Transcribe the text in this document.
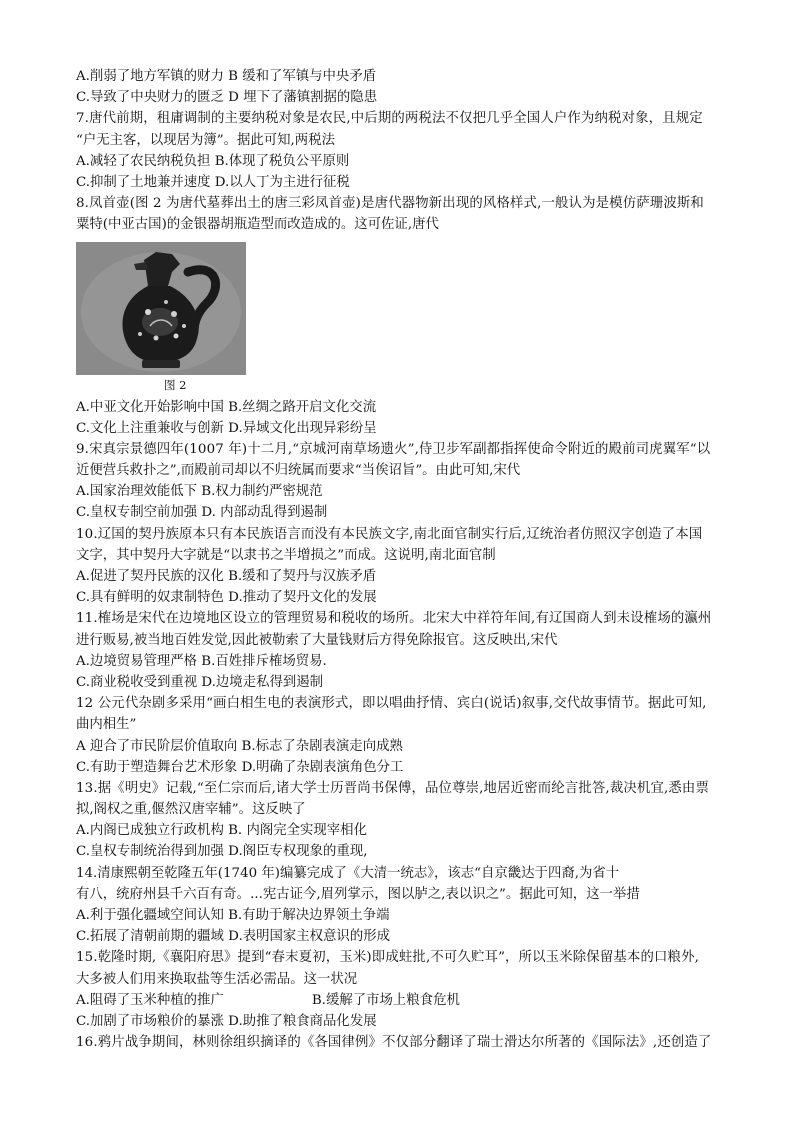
A.削弱了地方军镇的财力 B 缓和了军镇与中央矛盾
C.导致了中央财力的匮乏 D 埋下了藩镇割据的隐患
7.唐代前期，租庸调制的主要纳税对象是农民,中后期的两税法不仅把几乎全国人户作为纳税对象，且规定
“户无主客，以现居为簿”。据此可知,两税法
A.减轻了农民纳税负担 B.体现了税负公平原则
C.抑制了土地兼并速度 D.以人丁为主进行征税
8.凤首壶(图 2 为唐代墓葬出土的唐三彩凤首壶)是唐代器物新出现的风格样式,一般认为是模仿萨珊波斯和
粟特(中亚古国)的金银器胡瓶造型而改造成的。这可佐证,唐代
图 2
A.中亚文化开始影响中国 B.丝绸之路开启文化交流
C.文化上注重兼收与创新 D.异域文化出现异彩纷呈
9.宋真宗景德四年(1007 年)十二月,“京城河南草场遗火”,侍卫步军副都指挥使命令附近的殿前司虎翼军“以
近便营兵救扑之”,而殿前司却以不归统属而要求“当俟诏旨”。由此可知,宋代
A.国家治理效能低下 B.权力制约严密规范
C.皇权专制空前加强 D. 内部动乱得到遏制
10.辽国的契丹族原本只有本民族语言而没有本民族文字,南北面官制实行后,辽统治者仿照汉字创造了本国
文字，其中契丹大字就是“以隶书之半增损之”而成。这说明,南北面官制
A.促进了契丹民族的汉化 B.缓和了契丹与汉族矛盾
C.具有鲜明的奴隶制特色 D.推动了契丹文化的发展
11.榷场是宋代在边境地区设立的管理贸易和税收的场所。北宋大中祥符年间,有辽国商人到未设榷场的瀛州
进行贩易,被当地百姓发觉,因此被勒索了大量钱财后方得免除报官。这反映出,宋代
A.边境贸易管理严格 B.百姓排斥榷场贸易.
C.商业税收受到重视 D.边境走私得到遏制
12 公元代杂剧多采用“画白相生电的表演形式，即以唱曲抒情、宾白(说话)叙事,交代故事情节。据此可知,
曲内相生”
A 迎合了市民阶层价值取向 B.标志了杂剧表演走向成熟
C.有助于塑造舞台艺术形象 D.明确了杂剧表演角色分工
13.据《明史》记载,“至仁宗而后,诸大学士历晋尚书保傅，品位尊崇,地居近密而纶言批答,裁决机宜,悉由票
拟,阁权之重,偃然汉唐宰辅”。这反映了
A.内阁已成独立行政机构 B. 内阁完全实现宰相化
C.皇权专制统治得到加强 D.阁臣专权现象的重现,
14.清康熙朝至乾隆五年(1740 年)编纂完成了《大清一统志》，该志“自京畿达于四裔,为省十
有八，统府州县千六百有奇。...宪古证今,眉列掌示，图以胪之,表以识之”。据此可知，这一举措
A.利于强化疆域空间认知 B.有助于解决边界领土争端
C.拓展了清朝前期的疆域 D.表明国家主权意识的形成
15.乾隆时期,《襄阳府思》提到“春末夏初，玉米)即成蛀批,不可久贮耳”，所以玉米除保留基本的口粮外,
大多被人们用来换取盐等生活必需品。这一状况
A.阻碍了玉米种植的推广	B.缓解了市场上粮食危机
C.加剧了市场粮价的暴涨 D.助推了粮食商品化发展
16.鸦片战争期间，林则徐组织摘译的《各国律例》不仅部分翻译了瑞士滑达尔所著的《国际法》,还创造了
